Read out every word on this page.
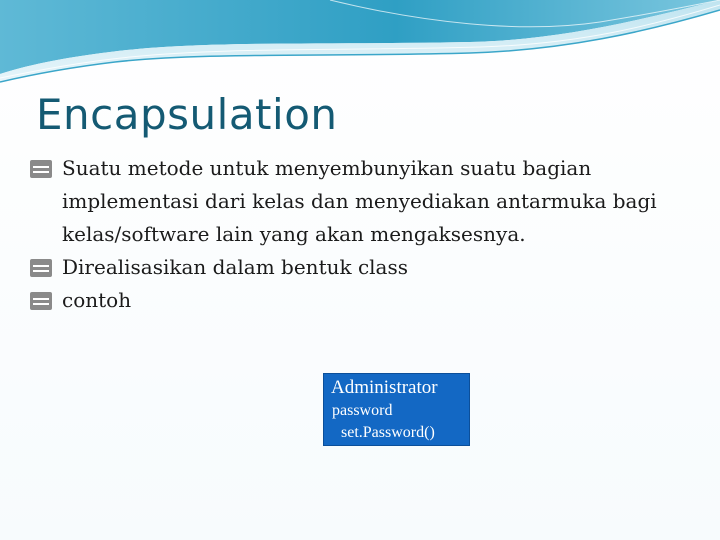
Encapsulation
Suatu metode untuk menyembunyikan suatu bagian
implementasi dari kelas dan menyediakan antarmuka bagi
kelas/software lain yang akan mengaksesnya.
Direalisasikan dalam bentuk class
contoh
Administrator
password
set.Password()
